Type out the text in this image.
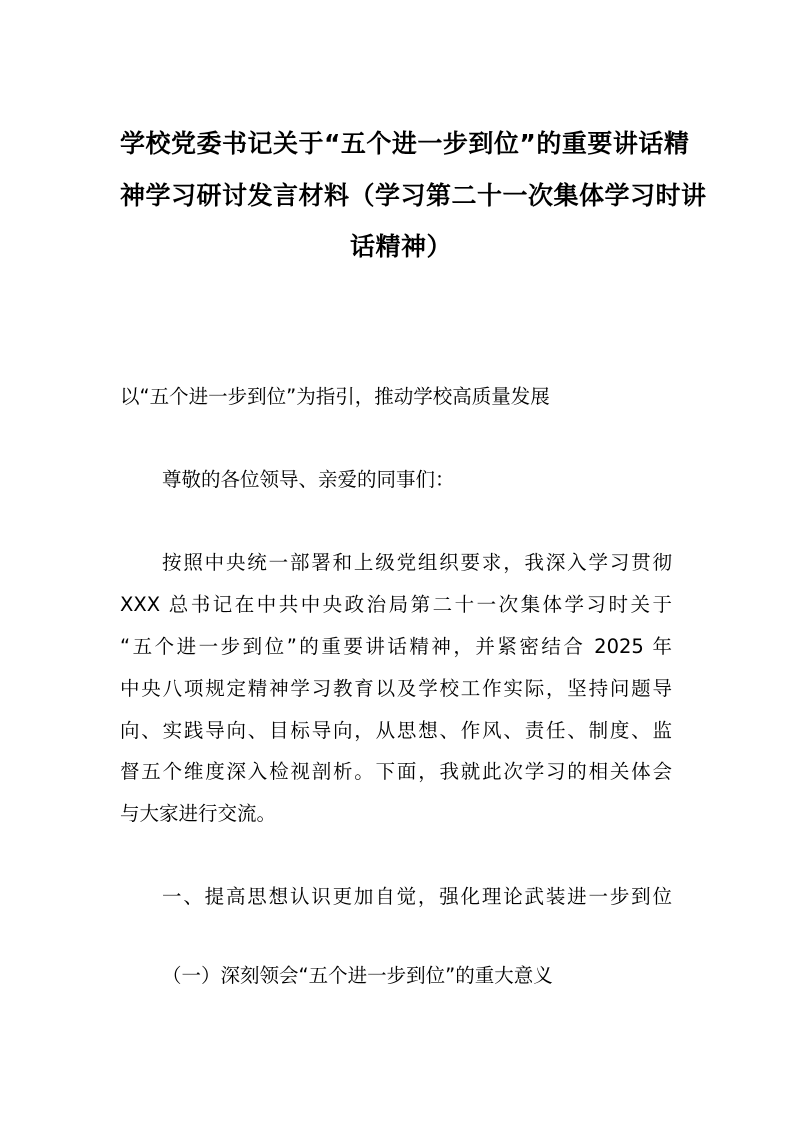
学校党委书记关于“五个进一步到位”的重要讲话精
神学习研讨发言材料（学习第二十一次集体学习时讲
话精神）
以“五个进一步到位”为指引，推动学校高质量发展
尊敬的各位领导、亲爱的同事们：
按照中央统一部署和上级党组织要求，我深入学习贯彻
XXX 总书记在中共中央政治局第二十一次集体学习时关于
“五个进一步到位”的重要讲话精神，并紧密结合 2025 年
中央八项规定精神学习教育以及学校工作实际，坚持问题导
向、实践导向、目标导向，从思想、作风、责任、制度、监
督五个维度深入检视剖析。下面，我就此次学习的相关体会
与大家进行交流。
一、提高思想认识更加自觉，强化理论武装进一步到位
（一）深刻领会“五个进一步到位”的重大意义
